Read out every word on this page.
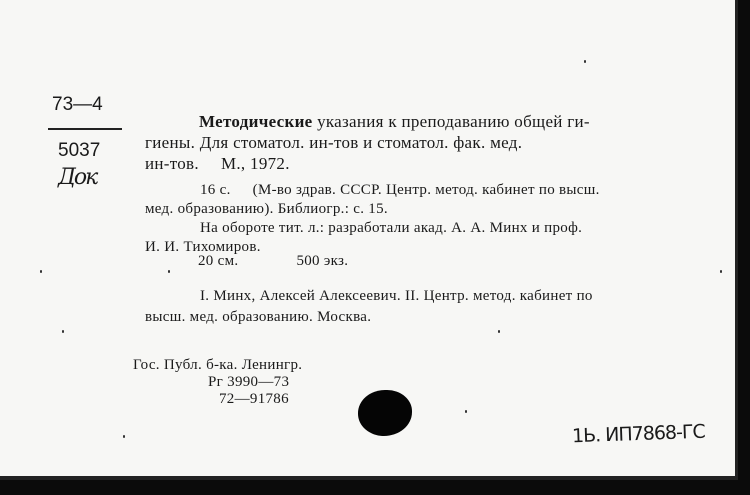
73—4
5037
Док
Методические указания к преподаванию общей ги-
гиены. Для стоматол. ин-тов и стоматол. фак. мед.
ин-тов. М., 1972.
16 с. (М-во здрав. СССР. Центр. метод. кабинет по высш.
мед. образованию). Библиогр.: с. 15.
На обороте тит. л.: разработали акад. А. А. Минх и проф.
И. И. Тихомиров.
20 см.	500 экз.
I. Минх, Алексей Алексеевич. II. Центр. метод. кабинет по
высш. мед. образованию. Москва.
Гос. Публ. б-ка. Ленингр.
Рг 3990—73
72—91786
1Ь. ИП7868-ГС
